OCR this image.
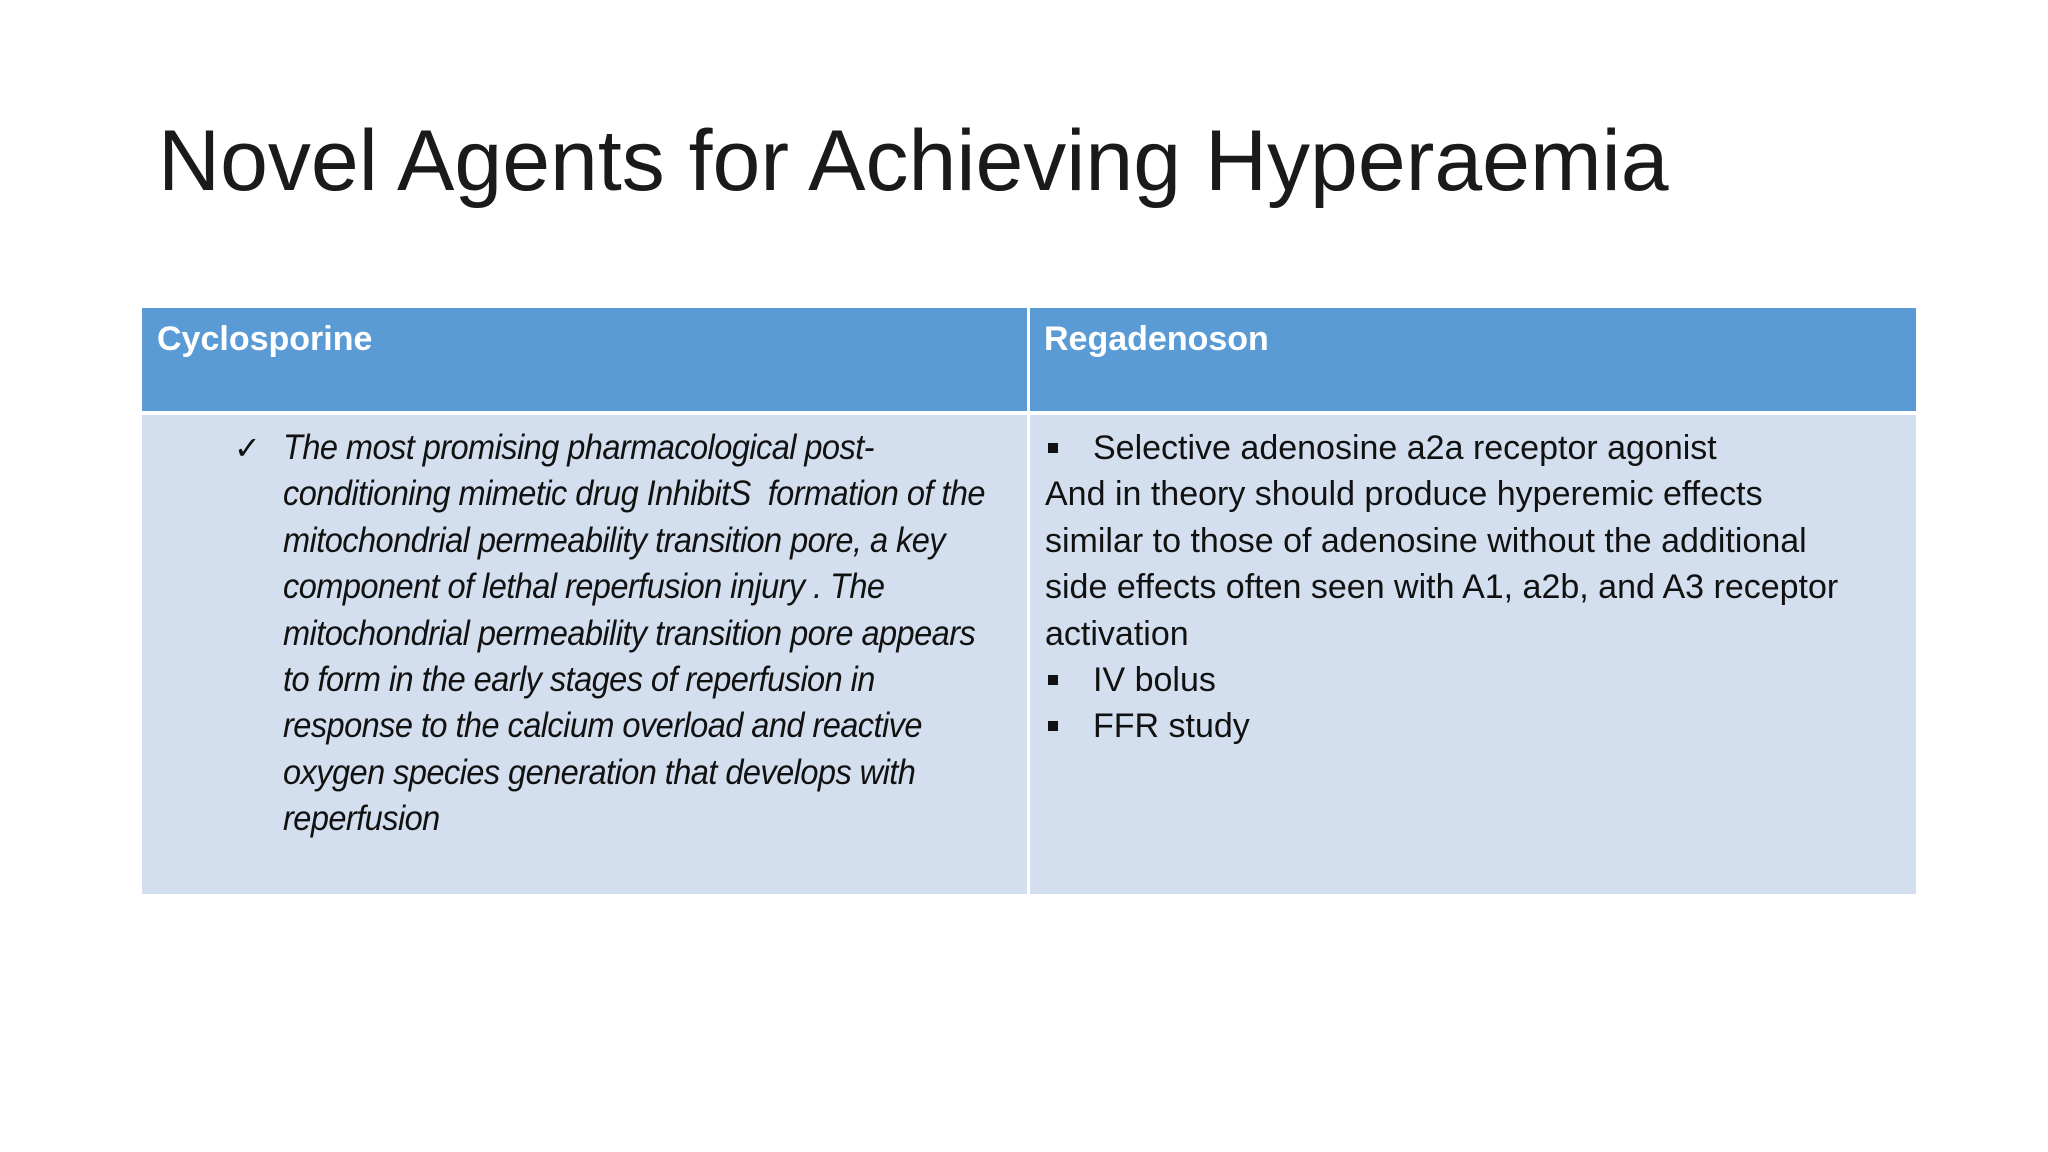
Novel Agents for Achieving Hyperaemia
Cyclosporine	Regadenoson
✓ The most promising pharmacological post-
conditioning mimetic drug InhibitS  formation of the
mitochondrial permeability transition pore, a key
component of lethal reperfusion injury . The
mitochondrial permeability transition pore appears
to form in the early stages of reperfusion in
response to the calcium overload and reactive
oxygen species generation that develops with
reperfusion
Selective adenosine a2a receptor agonist
And in theory should produce hyperemic effects
similar to those of adenosine without the additional
side effects often seen with A1, a2b, and A3 receptor
activation
IV bolus
FFR study
